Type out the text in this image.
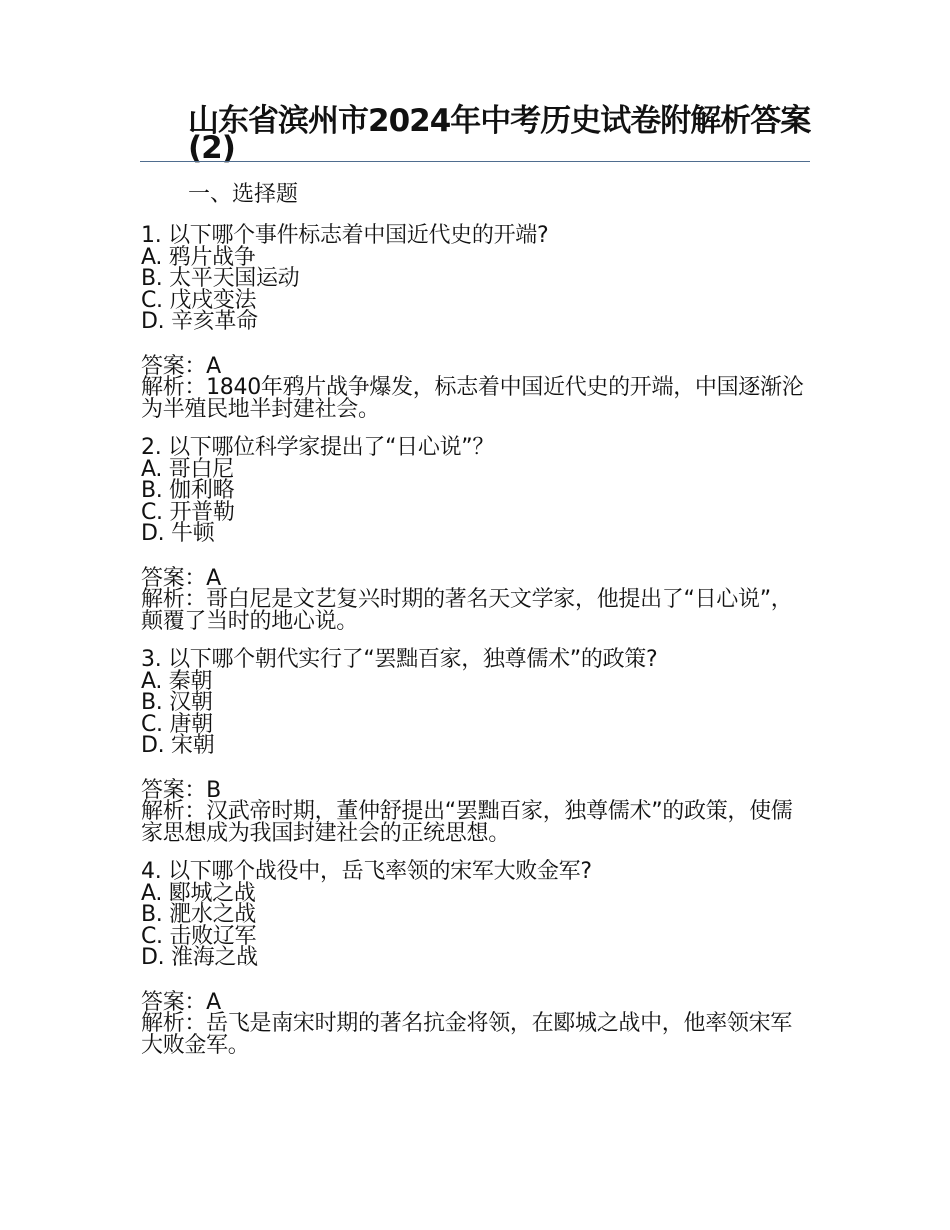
山东省滨州市2024年中考历史试卷附解析答案(2)
一、选择题
1. 以下哪个事件标志着中国近代史的开端?
A. 鸦片战争
B. 太平天国运动
C. 戊戌变法
D. 辛亥革命
答案：A
解析：1840年鸦片战争爆发，标志着中国近代史的开端，中国逐渐沦为半殖民地半封建社会。
2. 以下哪位科学家提出了“日心说”？
A. 哥白尼
B. 伽利略
C. 开普勒
D. 牛顿
答案：A
解析：哥白尼是文艺复兴时期的著名天文学家，他提出了“日心说”，颠覆了当时的地心说。
3. 以下哪个朝代实行了“罢黜百家，独尊儒术”的政策?
A. 秦朝
B. 汉朝
C. 唐朝
D. 宋朝
答案：B
解析：汉武帝时期，董仲舒提出“罢黜百家，独尊儒术”的政策，使儒家思想成为我国封建社会的正统思想。
4. 以下哪个战役中，岳飞率领的宋军大败金军?
A. 郾城之战
B. 淝水之战
C. 击败辽军
D. 淮海之战
答案：A
解析：岳飞是南宋时期的著名抗金将领，在郾城之战中，他率领宋军大败金军。
